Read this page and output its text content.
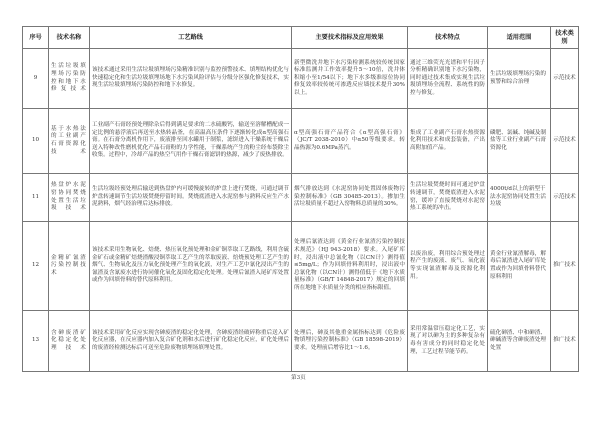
序号	技术名称	工艺路线	主要技术指标及应用效果	技术特点	适用范围	技术类别
9	生活垃圾填埋场污染防控和地下水修复技术	该技术通过采用生活垃圾填埋场污染精准识别与监控预警技术、填埋结构优化与快速稳定化和生活垃圾填埋场地下水污染风险评估与分级分区强化修复技术，实现生活垃圾填埋场污染防控和地下水修复。	新型微洗井地下水污染检测系统较传统国家标准监测井工作效率提升5～10倍，洗井体积缩小至1/54以下；地下水多级准原位协同修复效率较传统可渗透反应墙技术提升30%以上。	通过三维荧光光谱和平行因子分析精确识别地下水污染物，同时通过技术集成实现生活垃圾填埋场全流程、系统性的防控与修复。	生活垃圾填埋场污染的预警和综合治理	示范技术
10	基于水热法的工业副产石膏资源化技术	工业副产石膏经预处理除杂后得到满足要求的二水硫酸钙，输送至溶解槽配成一定比例的悬浮液后再送至水热转晶釜，在高温高压条件下逐渐转化成α型高强石膏。在石膏分离机作用下，废液排至回水罐用于制浆，滤饼进入干燥系统干燥后送入特种改性磨机优化产品石膏粉的力学性能，干燥系统产生的粉尘经布袋除尘收集。过程中，冷却产品的热空气用作干燥石膏滤饼的热源，减少了废热排放。	α型高强石膏产品符合《α型高强石膏》（JC/T 2038-2010）中α50等级要求。转晶热源为0.6MPa蒸汽。	集成了工业副产石膏水热资源化利用技术和成套装备，产出高附加值产品。	磷肥、氯碱、纯碱及制盐等工业行业副产石膏资源化	示范技术
11	热盘炉水泥窑协同焚烧处置生活垃圾技术	生活垃圾经预处理后输送到热盘炉内可缓慢旋转的炉盘上进行焚烧，可通过调节炉盘转速调节生活垃圾焚烧停留时间。焚烧底渣进入水泥窑参与熟料反应生产水泥熟料，烟气经治理后达标排放。	烟气排放达到《水泥窑协同处置固体废物污染控制标准》（GB 30485-2013）。掺加生活垃圾质量不超过入窑物料总质量的30%。	生活垃圾焚烧时间可通过炉盘转速调节，焚烧底渣进入水泥窑，缓冲了直接焚烧对水泥窑热工系统的冲击。	4000t/d以上的新型干法水泥窑协同处置生活垃圾	示范技术
12	金精矿氰渣污染控制技术	该技术采用生物氧化、焙烧、热压氧化预处理和金矿铜萃取工艺路线，利用含硫金矿石或金精矿焙烧渣酸浸铜萃取工艺产生的萃取废液、焙烧预处理工艺产生的烟气、生物氧化及压力氧化预处理产生的氧化液，对生产工艺中氰化浸出产生的氰渣及含氰废水进行协同催化氧化及固化稳定化处理。处理后氰渣入尾矿库处置或作为回填骨料的替代原料利用。	处理后氰渣达到《黄金行业氰渣污染控制技术规范》（HJ 943-2018）要求。入尾矿库时，浸出液中总氰化物（以CN计）测得值≤5mg/L；作为回填骨料利用时，浸出液中总氰化物（以CN计）测得值低于《地下水质量标准》（GB/T 14848-2017）规定的回填所在地地下水质量分类的相应指标限值。	以废治废，利用综合预处理过程产生的废液、废气、氧化液等实现氰渣解毒及资源化利用。	黄金行业氰渣解毒，解毒后氰渣进入尾矿库处置或作为回填骨料替代原料利用	推广技术
13	含砷废渣矿化稳定化处理技术	该技术采用矿化反应实现含砷废渣的稳定化处理，含砷废渣经破碎称重后送入矿化反应器，在反应器内加入复合矿化剂和水后进行矿化稳定化反应，矿化处理后的废渣经检测达标后可送至危险废物填埋场填埋处置。	处理后，砷及其他重金属指标达到《危险废物填埋污染控制标准》（GB 18598-2019）要求。处理前后增容比1～1.6。	采用常温常压稳定化工艺，实现了对以砷为主的多种复杂有毒有害成分的同时稳定化处理，工艺过程节能节药。	硫化砷渣、中和砷渣、砷碱渣等含砷废渣处理处置	推广技术
第3页
